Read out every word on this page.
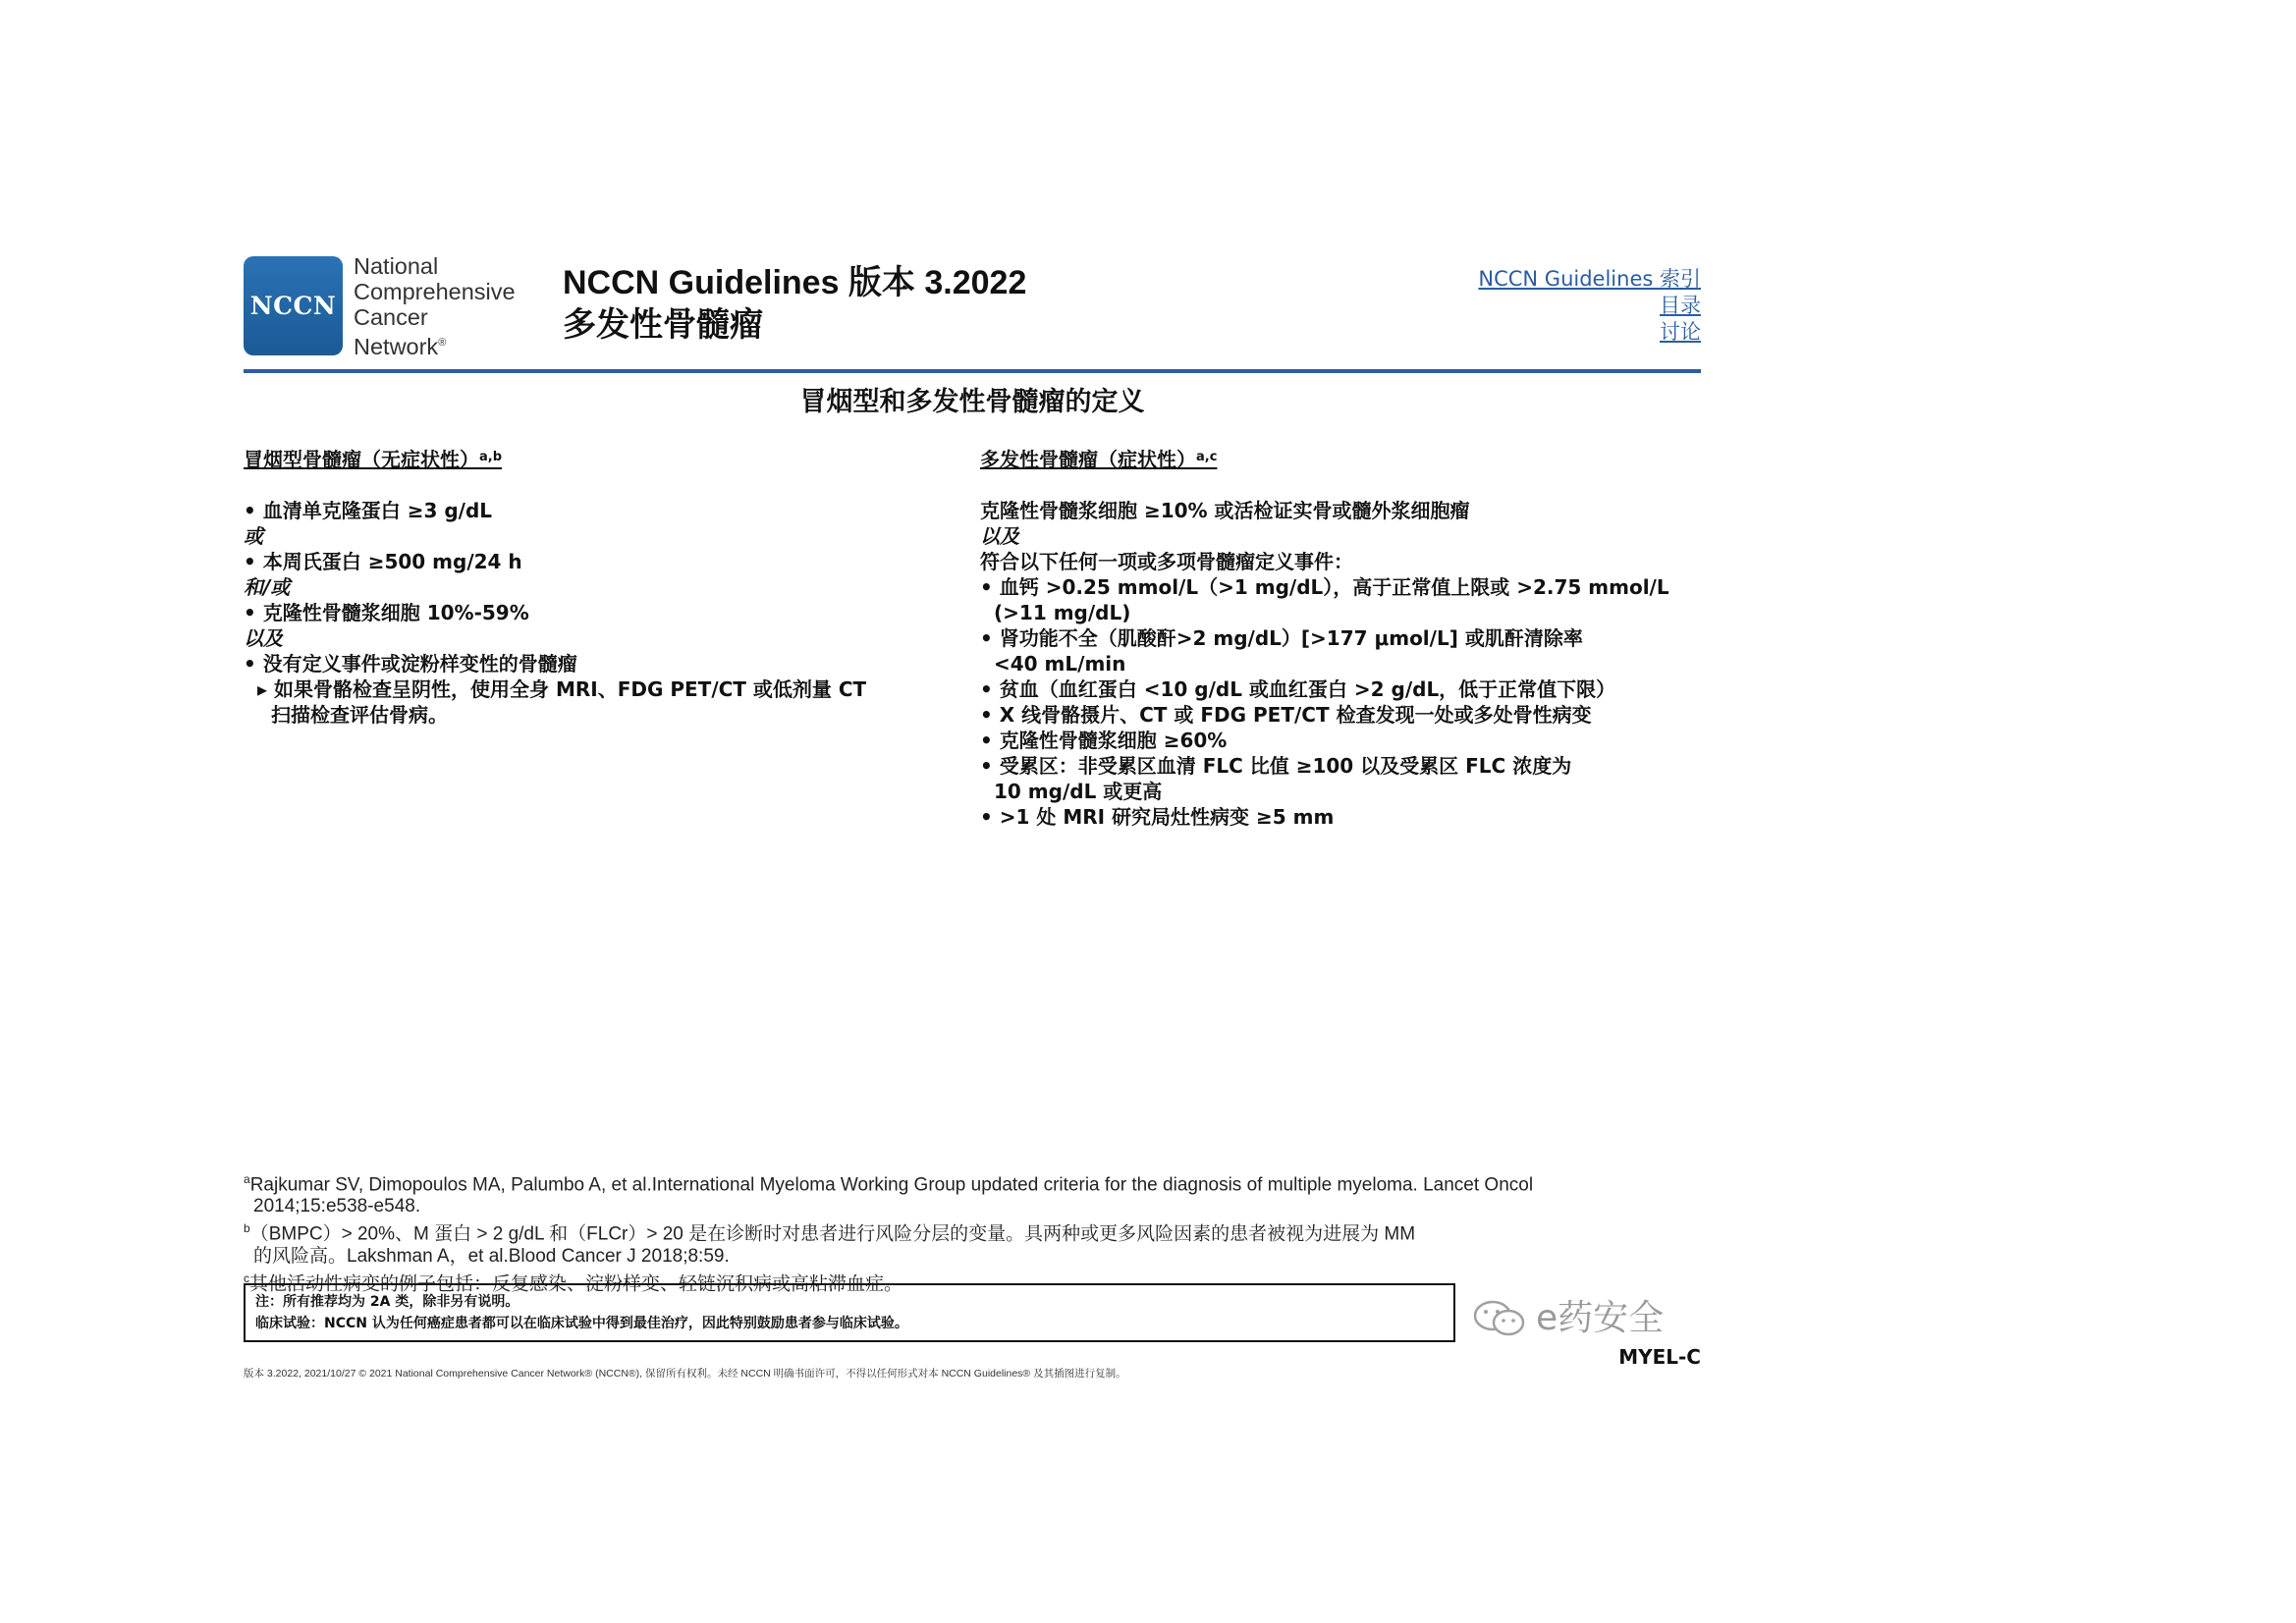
NCCN
National
Comprehensive
Cancer
Network®
NCCN Guidelines 版本 3.2022
多发性骨髓瘤
NCCN Guidelines 索引
目录
讨论
冒烟型和多发性骨髓瘤的定义
冒烟型骨髓瘤（无症状性）$^{a,b}$
• 血清单克隆蛋白 ≥3 g/dL
或
• 本周氏蛋白 ≥500 mg/24 h
和/或
• 克隆性骨髓浆细胞 10%-59%
以及
• 没有定义事件或淀粉样变性的骨髓瘤
▸ 如果骨骼检查呈阴性，使用全身 MRI、FDG PET/CT 或低剂量 CT
扫描检查评估骨病。
多发性骨髓瘤（症状性）$^{a,c}$
克隆性骨髓浆细胞 ≥10% 或活检证实骨或髓外浆细胞瘤
以及
符合以下任何一项或多项骨髓瘤定义事件：
• 血钙 >0.25 mmol/L（>1 mg/dL），高于正常值上限或 >2.75 mmol/L
(>11 mg/dL)
• 肾功能不全（肌酸酐>2 mg/dL）[>177 μmol/L] 或肌酐清除率
<40 mL/min
• 贫血（血红蛋白 <10 g/dL 或血红蛋白 >2 g/dL，低于正常值下限）
• X 线骨骼摄片、CT 或 FDG PET/CT 检查发现一处或多处骨性病变
• 克隆性骨髓浆细胞 ≥60%
• 受累区：非受累区血清 FLC 比值 ≥100 以及受累区 FLC 浓度为
10 mg/dL 或更高
• >1 处 MRI 研究局灶性病变 ≥5 mm
$^a$Rajkumar SV, Dimopoulos MA, Palumbo A, et al.International Myeloma Working Group updated criteria for the diagnosis of multiple myeloma. Lancet Oncol
2014;15:e538-e548.
$^b$（BMPC）> 20%、M 蛋白 > 2 g/dL 和（FLCr）> 20 是在诊断时对患者进行风险分层的变量。具两种或更多风险因素的患者被视为进展为 MM
的风险高。Lakshman A，et al.Blood Cancer J 2018;8:59.
$^c$其他活动性病变的例子包括：反复感染、淀粉样变、轻链沉积病或高粘滞血症。
注：所有推荐均为 2A 类，除非另有说明。
临床试验：NCCN 认为任何癌症患者都可以在临床试验中得到最佳治疗，因此特别鼓励患者参与临床试验。	e药安全
MYEL-C
版本 3.2022, 2021/10/27 © 2021 National Comprehensive Cancer Network® (NCCN®), 保留所有权利。未经 NCCN 明确书面许可，不得以任何形式对本 NCCN Guidelines® 及其插图进行复制。
